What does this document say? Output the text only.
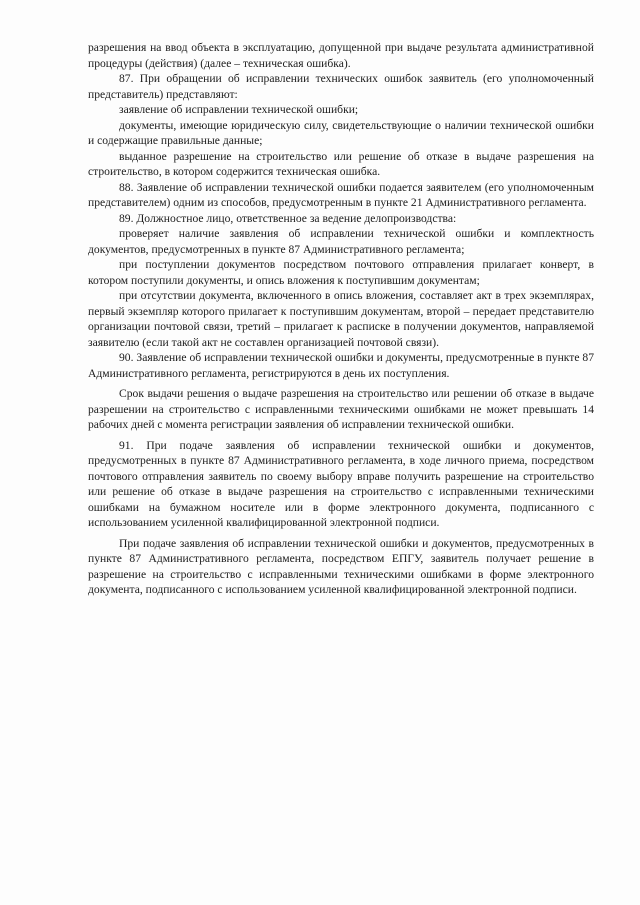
разрешения на ввод объекта в эксплуатацию, допущенной при выдаче результата административной процедуры (действия) (далее – техническая ошибка).

87. При обращении об исправлении технических ошибок заявитель (его уполномоченный представитель) представляют:

заявление об исправлении технической ошибки;

документы, имеющие юридическую силу, свидетельствующие о наличии технической ошибки и содержащие правильные данные;

выданное разрешение на строительство или решение об отказе в выдаче разрешения на строительство, в котором содержится техническая ошибка.

88. Заявление об исправлении технической ошибки подается заявителем (его уполномоченным представителем) одним из способов, предусмотренным в пункте 21 Административного регламента.

89. Должностное лицо, ответственное за ведение делопроизводства:

проверяет наличие заявления об исправлении технической ошибки и комплектность документов, предусмотренных в пункте 87 Административного регламента;

при поступлении документов посредством почтового отправления прилагает конверт, в котором поступили документы, и опись вложения к поступившим документам;

при отсутствии документа, включенного в опись вложения, составляет акт в трех экземплярах, первый экземпляр которого прилагает к поступившим документам, второй – передает представителю организации почтовой связи, третий – прилагает к расписке в получении документов, направляемой заявителю (если такой акт не составлен организацией почтовой связи).

90. Заявление об исправлении технической ошибки и документы, предусмотренные в пункте 87 Административного регламента, регистрируются в день их поступления.

Срок выдачи решения о выдаче разрешения на строительство или решении об отказе в выдаче разрешении на строительство с исправленными техническими ошибками не может превышать 14 рабочих дней с момента регистрации заявления об исправлении технической ошибки.

91. При подаче заявления об исправлении технической ошибки и документов, предусмотренных в пункте 87 Административного регламента, в ходе личного приема, посредством почтового отправления заявитель по своему выбору вправе получить разрешение на строительство или решение об отказе в выдаче разрешения на строительство с исправленными техническими ошибками на бумажном носителе или в форме электронного документа, подписанного с использованием усиленной квалифицированной электронной подписи.

При подаче заявления об исправлении технической ошибки и документов, предусмотренных в пункте 87 Административного регламента, посредством ЕПГУ, заявитель получает решение в разрешение на строительство с исправленными техническими ошибками в форме электронного документа, подписанного с использованием усиленной квалифицированной электронной подписи.
